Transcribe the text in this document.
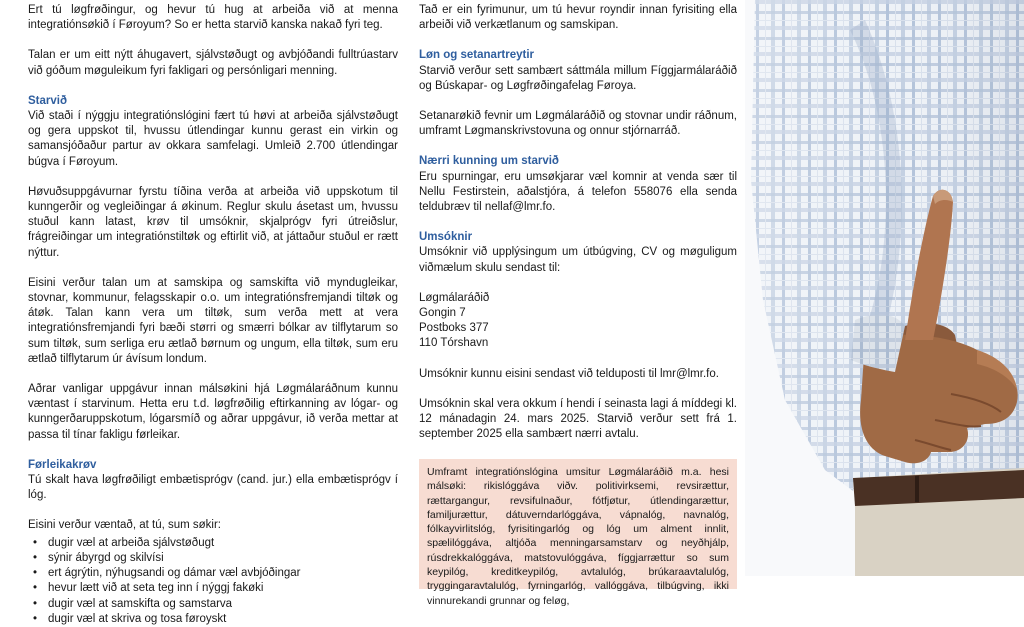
Ert tú løgfrøðingur, og hevur tú hug at arbeiða við at menna integratiónsøkið í Føroyum? So er hetta starvið kanska nakað fyri teg.

Talan er um eitt nýtt áhugavert, sjálvstøðugt og avbjóðandi fulltrúastarv við góðum møguleikum fyri fakligari og persónligari menning.

Starvið

Við staði í nýggju integratiónslógini fært tú høvi at arbeiða sjálvstøðugt og gera uppskot til, hvussu útlendingar kunnu gerast ein virkin og samansjóðaður partur av okkara samfelagi. Umleið 2.700 útlendingar búgva í Føroyum.

Høvuðsuppgávurnar fyrstu tíðina verða at arbeiða við uppskotum til kunngerðir og vegleiðingar á økinum. Reglur skulu ásetast um, hvussu stuðul kann latast, krøv til umsóknir, skjalprógv fyri útreiðslur, frágreiðingar um integratiónstiltøk og eftirlit við, at játtaður stuðul er rætt nýttur.

Eisini verður talan um at samskipa og samskifta við myndugleikar, stovnar, kommunur, felagsskapir o.o. um integratiónsfremjandi tiltøk og átøk. Talan kann vera um tiltøk, sum verða mett at vera integratiónsfremjandi fyri bæði størri og smærri bólkar av tilflytarum so sum tiltøk, sum serliga eru ætlað børnum og ungum, ella tiltøk, sum eru ætlað tilflytarum úr ávísum londum.

Aðrar vanligar uppgávur innan málsøkini hjá Løgmálaráðnum kunnu væntast í starvinum. Hetta eru t.d. løgfrøðilig eftirkanning av lógar- og kunngerðaruppskotum, lógarsmíð og aðrar uppgávur, ið verða mettar at passa til tínar fakligu førleikar.

Førleikakrøv

Tú skalt hava løgfrøðiligt embætisprógv (cand. jur.) ella embætisprógv í lóg.

Eisini verður væntað, at tú, sum søkir:

• dugir væl at arbeiða sjálvstøðugt
• sýnir ábyrgd og skilvísi
• ert ágrýtin, nýhugsandi og dámar væl avbjóðingar
• hevur lætt við at seta teg inn í nýggj fakøki
• dugir væl at samskifta og samstarva
• dugir væl at skriva og tosa føroyskt

Tað er ein fyrimunur, um tú hevur royndir innan fyrisiting ella arbeiði við verkætlanum og samskipan.

Løn og setanartreytir

Starvið verður sett sambært sáttmála millum Fíggjarmálaráðið og Búskapar- og Løgfrøðingafelag Føroya.

Setanarøkið fevnir um Løgmálaráðið og stovnar undir ráðnum, umframt Løgmanskrivstovuna og onnur stjórnarráð.

Nærri kunning um starvið

Eru spurningar, eru umsøkjarar væl komnir at venda sær til Nellu Festirstein, aðalstjóra, á telefon 558076 ella senda teldubræv til nellaf@lmr.fo.

Umsóknir

Umsóknir við upplýsingum um útbúgving, CV og møguligum viðmælum skulu sendast til:

Løgmálaráðið
Gongin 7
Postboks 377
110 Tórshavn

Umsóknir kunnu eisini sendast við telduposti til lmr@lmr.fo.

Umsóknin skal vera okkum í hendi í seinasta lagi á míddegi kl. 12 mánadagin 24. mars 2025. Starvið verður sett frá 1. september 2025 ella sambært nærri avtalu.

Umframt integratiónslógina umsitur Løgmálaráðið m.a. hesi málsøki: rikislóggáva viðv. politivirksemi, revsirættur, rættargangur, revsifulnaður, fótfjøtur, útlendingarættur, familjurættur, dátuverndarlóggáva, vápnalóg, navnalóg, fólkayvirlitslóg, fyrisitingarlóg og lóg um alment innlit, spælilóggáva, altjóða menningarsamstarv og neyðhjálp, rúsdrekkalóggáva, matstovulóggáva, fíggjarrættur so sum keypilóg, kreditkeypilóg, avtalulóg, brúkaraavtalulóg, tryggingaravtalulóg, fyrningarlóg, vallóggáva, tilbúgving, ikki vinnurekandi grunnar og feløg,
